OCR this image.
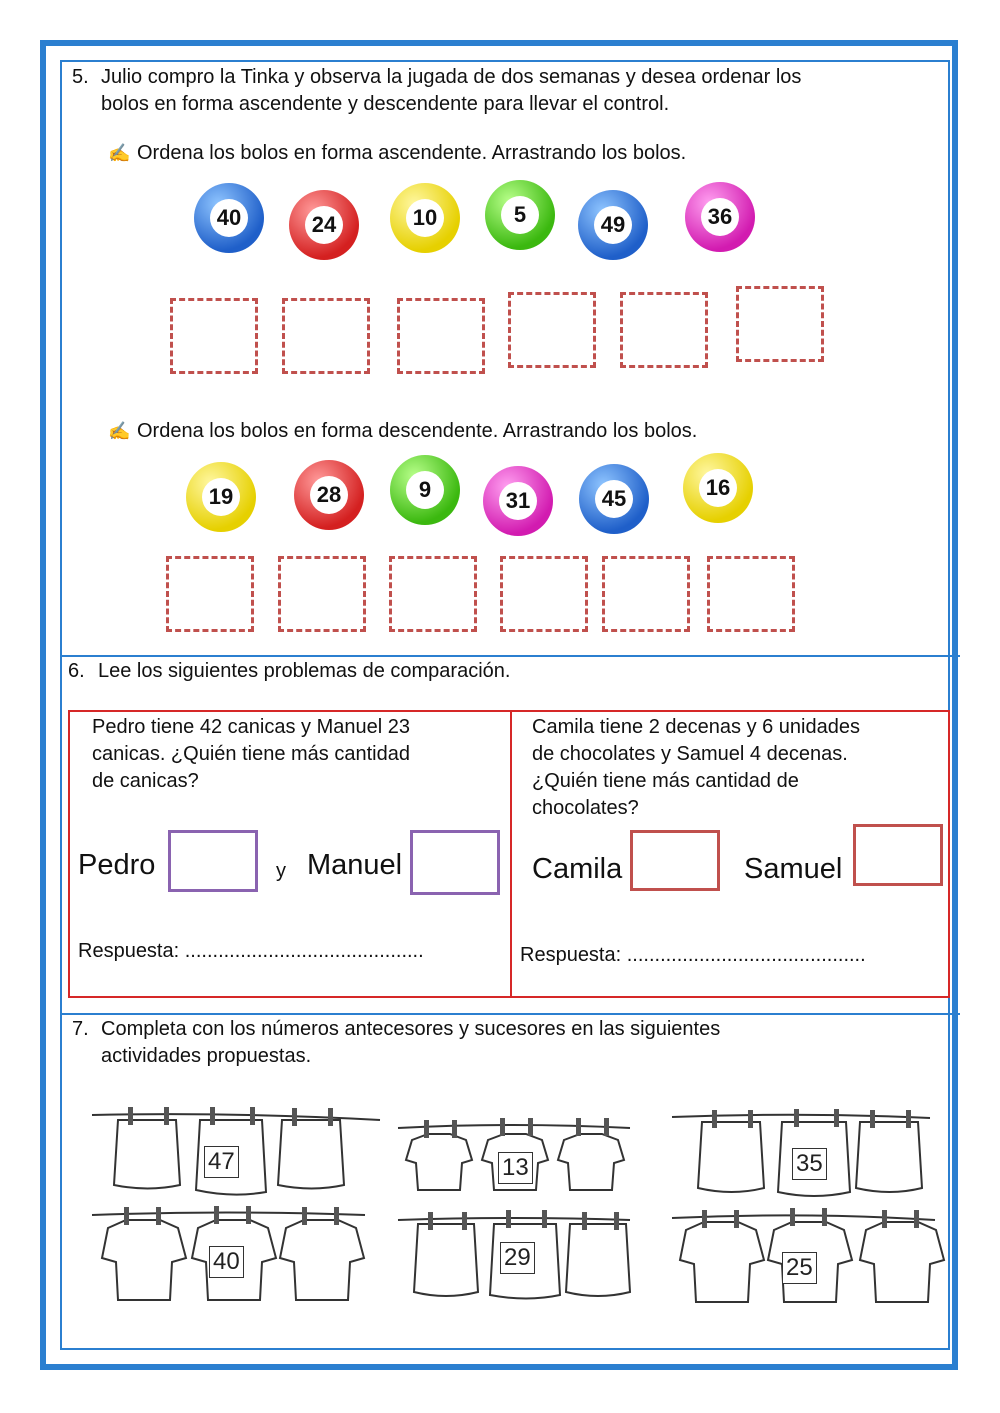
5. Julio compro la Tinka y observa la jugada de dos semanas y desea ordenar los
bolos en forma ascendente y descendente para llevar el control.
✍ Ordena los bolos en forma ascendente. Arrastrando los bolos.
40	24	10	5	49	36
✍ Ordena los bolos en forma descendente. Arrastrando los bolos.
19	28	9	31	45	16
6. Lee los siguientes problemas de comparación.
Pedro tiene 42 canicas y Manuel 23
canicas. ¿Quién tiene más cantidad
de canicas?
Pedro	y Manuel
Respuesta: ...........................................
Camila tiene 2 decenas y 6 unidades
de chocolates y Samuel 4 decenas.
¿Quién tiene más cantidad de
chocolates?
Camila	Samuel
Respuesta: ...........................................
7. Completa con los números antecesores y sucesores en las siguientes
actividades propuestas.
47	13	35
40	29	25
